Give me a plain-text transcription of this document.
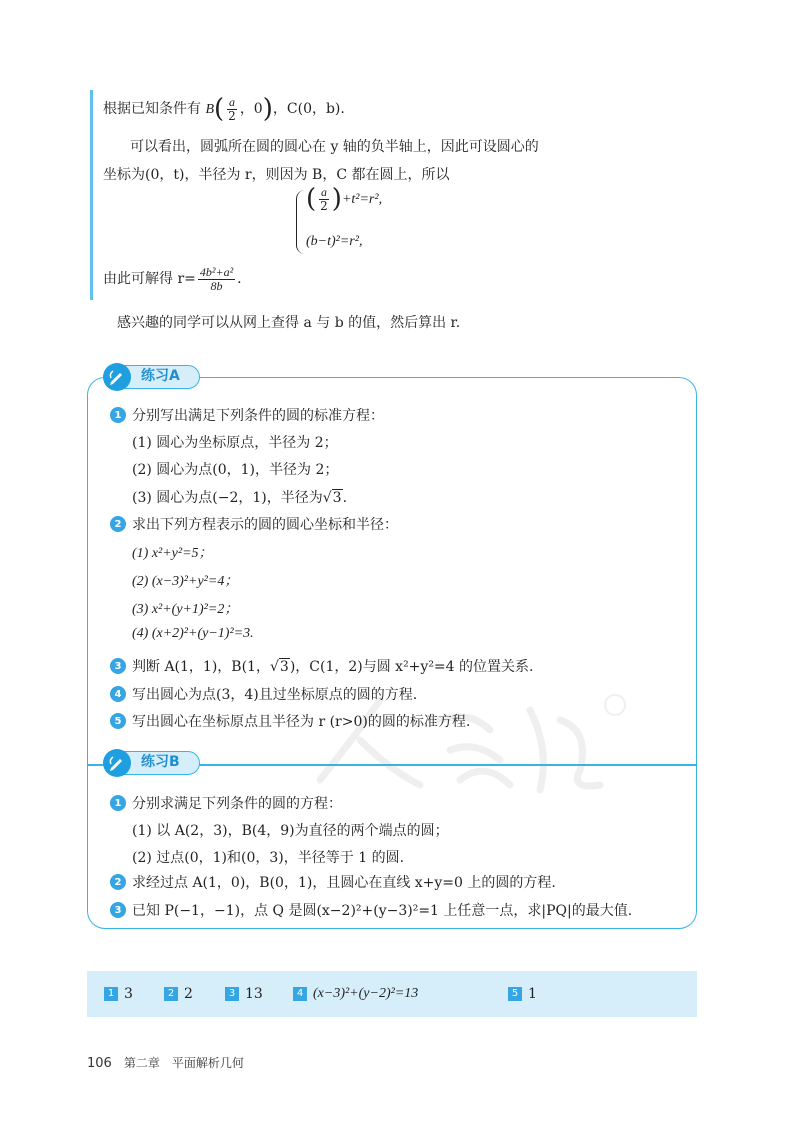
根据已知条件有 $B( \frac{a}{2}$ ，0)，C(0，b).
可以看出，圆弧所在圆的圆心在 y 轴的负半轴上，因此可设圆心的
坐标为(0，t)，半径为 r，则因为 B，C 都在圆上，所以
( $\frac{a}{2} )+t^2=r^2$,
(b−t)²=r²,
由此可解得 $r= \frac{\text{4b²+a²}}{8b}$ .
感兴趣的同学可以从网上查得 a 与 b 的值，然后算出 r.
练习A
1 分别写出满足下列条件的圆的标准方程：
(1) 圆心为坐标原点，半径为 2；
(2) 圆心为点(0，1)，半径为 2；
(3) 圆心为点(−2，1)，半径为√3.
2 求出下列方程表示的圆的圆心坐标和半径：
(1) x²+y²=5；
(2) (x−3)²+y²=4；
(3) x²+(y+1)²=2；
(4) (x+2)²+(y−1)²=3.
3 判断 A(1，1)，B(1，√3)，C(1，2)与圆 x²+y²=4 的位置关系.
4 写出圆心为点(3，4)且过坐标原点的圆的方程.
5 写出圆心在坐标原点且半径为 r (r>0)的圆的标准方程.
练习B
1 分别求满足下列条件的圆的方程：
(1) 以 A(2，3)，B(4，9)为直径的两个端点的圆；
(2) 过点(0，1)和(0，3)，半径等于 1 的圆.
2 求经过点 A(1，0)，B(0，1)，且圆心在直线 x+y=0 上的圆的方程.
3 已知 P(−1，−1)，点 Q 是圆(x−2)²+(y−3)²=1 上任意一点，求|PQ|的最大值.
1 3	2 2	3 13	4 (x−3)²+(y−2)²=13	5 1
106 第二章　平面解析几何
